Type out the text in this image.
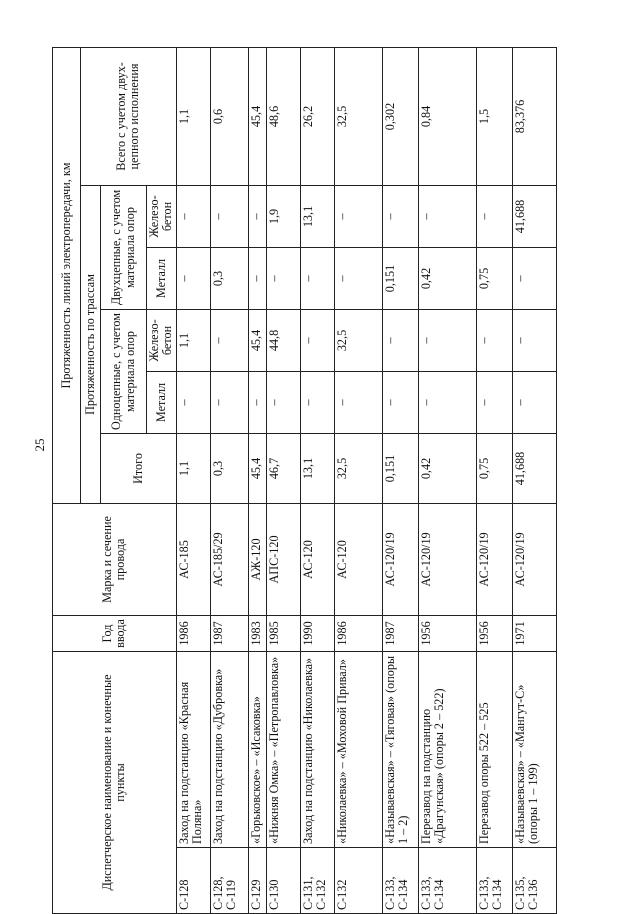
25
Диспетчерское наименование и конечные пункты		Год ввода	Марка и сечение провода	Протяженность линий электропередачи, км					
				Протяженность по трассам					Всего с учетом двух-цепного исполнения
				Итого	Одноцепные, с учетом материала опор		Двухцепные, с учетом материала опор		
					Металл	Железо-бетон	Металл	Железо-бетон	
С-128	Заход на подстанцию «Красная Поляна»	1986	АС-185	1,1	–	1,1	–	–	1,1
С-128, С-119	Заход на подстанцию «Дубровка»	1987	АС-185/29	0,3	–	–	0,3	–	0,6
С-129	«Горьковское» – «Исаковка»	1983	АЖ-120	45,4	–	45,4	–	–	45,4
С-130	«Нижняя Омка» – «Петропавловка»	1985	АПС-120	46,7	–	44,8	–	1,9	48,6
С-131, С-132	Заход на подстанцию «Николаевка»	1990	АС-120	13,1	–	–	–	13,1	26,2
С-132	«Николаевка» – «Моховой Привал»	1986	АС-120	32,5	–	32,5	–	–	32,5
С-133, С-134	«Называевская» – «Тяговая» (опоры 1 – 2)	1987	АС-120/19	0,151	–	–	0,151	–	0,302
С-133, С-134	Перезавод на подстанцию «Драгунская» (опоры 2 – 522)	1956	АС-120/19	0,42	–	–	0,42	–	0,84
С-133, С-134	Перезавод опоры 522 – 525	1956	АС-120/19	0,75	–	–	0,75	–	1,5
С-135, С-136	«Называевская» – «Мангут-С» (опоры 1 – 199)	1971	АС-120/19	41,688	–	–	–	41,688	83,376
